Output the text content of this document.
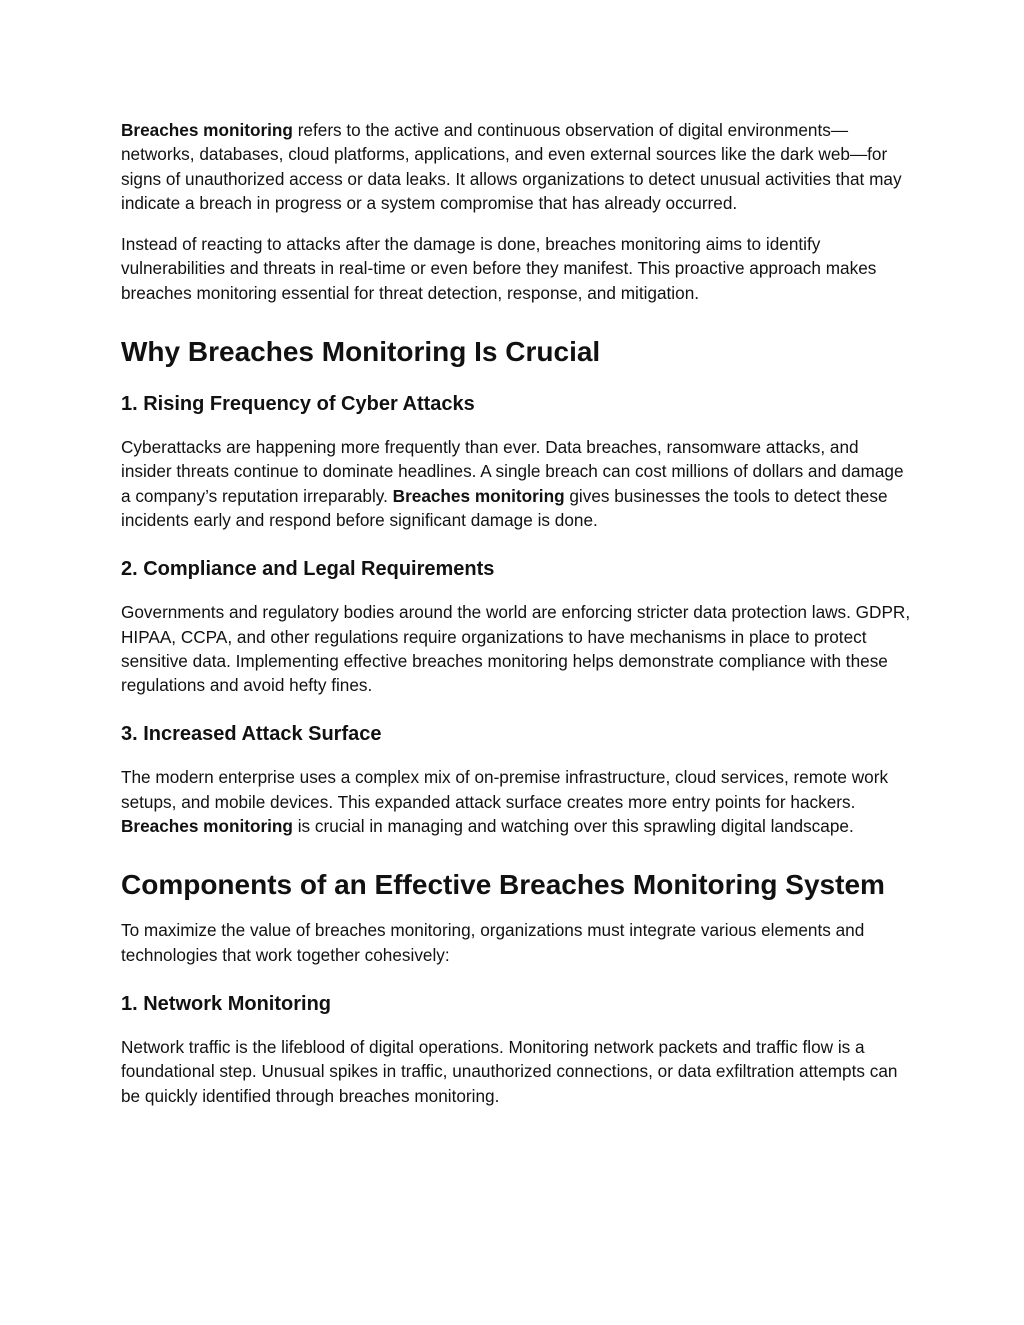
Breaches monitoring refers to the active and continuous observation of digital environments—networks, databases, cloud platforms, applications, and even external sources like the dark web—for signs of unauthorized access or data leaks. It allows organizations to detect unusual activities that may indicate a breach in progress or a system compromise that has already occurred.

Instead of reacting to attacks after the damage is done, breaches monitoring aims to identify vulnerabilities and threats in real-time or even before they manifest. This proactive approach makes breaches monitoring essential for threat detection, response, and mitigation.

Why Breaches Monitoring Is Crucial
1. Rising Frequency of Cyber Attacks

Cyberattacks are happening more frequently than ever. Data breaches, ransomware attacks, and insider threats continue to dominate headlines. A single breach can cost millions of dollars and damage a company’s reputation irreparably. Breaches monitoring gives businesses the tools to detect these incidents early and respond before significant damage is done.

2. Compliance and Legal Requirements

Governments and regulatory bodies around the world are enforcing stricter data protection laws. GDPR, HIPAA, CCPA, and other regulations require organizations to have mechanisms in place to protect sensitive data. Implementing effective breaches monitoring helps demonstrate compliance with these regulations and avoid hefty fines.

3. Increased Attack Surface

The modern enterprise uses a complex mix of on-premise infrastructure, cloud services, remote work setups, and mobile devices. This expanded attack surface creates more entry points for hackers. Breaches monitoring is crucial in managing and watching over this sprawling digital landscape.

Components of an Effective Breaches Monitoring System

To maximize the value of breaches monitoring, organizations must integrate various elements and technologies that work together cohesively:

1. Network Monitoring

Network traffic is the lifeblood of digital operations. Monitoring network packets and traffic flow is a foundational step. Unusual spikes in traffic, unauthorized connections, or data exfiltration attempts can be quickly identified through breaches monitoring.
